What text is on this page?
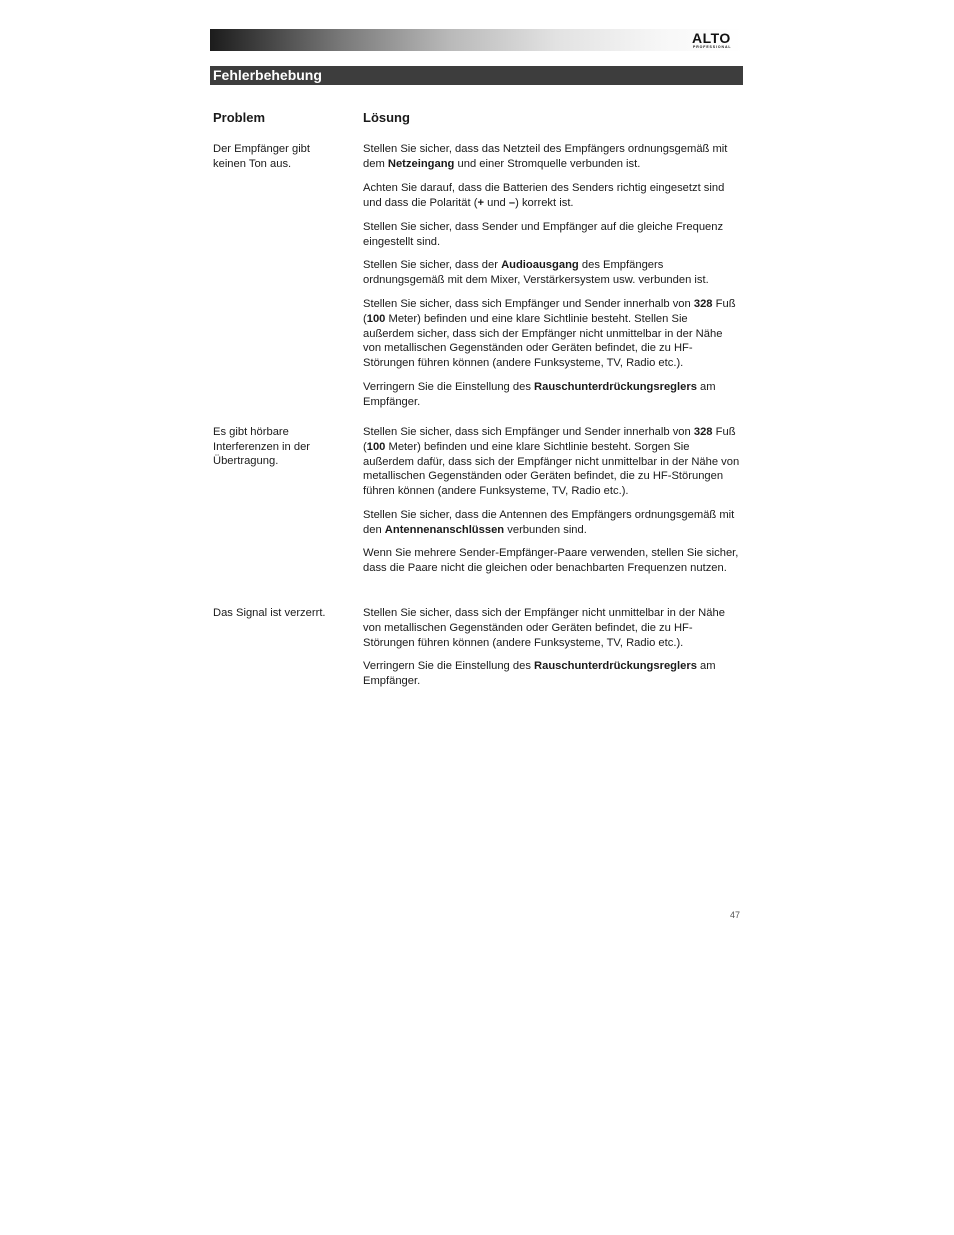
ALTO
PROFESSIONAL
Fehlerbehebung
Problem	Lösung
Der Empfänger gibt keinen Ton aus.

Stellen Sie sicher, dass das Netzteil des Empfängers ordnungsgemäß mit dem Netzeingang und einer Stromquelle verbunden ist.

Achten Sie darauf, dass die Batterien des Senders richtig eingesetzt sind und dass die Polarität (+ und –) korrekt ist.

Stellen Sie sicher, dass Sender und Empfänger auf die gleiche Frequenz eingestellt sind.

Stellen Sie sicher, dass der Audioausgang des Empfängers ordnungsgemäß mit dem Mixer, Verstärkersystem usw. verbunden ist.

Stellen Sie sicher, dass sich Empfänger und Sender innerhalb von 328 Fuß (100 Meter) befinden und eine klare Sichtlinie besteht. Stellen Sie außerdem sicher, dass sich der Empfänger nicht unmittelbar in der Nähe von metallischen Gegenständen oder Geräten befindet, die zu HF-Störungen führen können (andere Funksysteme, TV, Radio etc.).

Verringern Sie die Einstellung des Rauschunterdrückungsreglers am Empfänger.

Es gibt hörbare Interferenzen in der Übertragung.

Stellen Sie sicher, dass sich Empfänger und Sender innerhalb von 328 Fuß (100 Meter) befinden und eine klare Sichtlinie besteht. Sorgen Sie außerdem dafür, dass sich der Empfänger nicht unmittelbar in der Nähe von metallischen Gegenständen oder Geräten befindet, die zu HF-Störungen führen können (andere Funksysteme, TV, Radio etc.).

Stellen Sie sicher, dass die Antennen des Empfängers ordnungsgemäß mit den Antennenanschlüssen verbunden sind.

Wenn Sie mehrere Sender-Empfänger-Paare verwenden, stellen Sie sicher, dass die Paare nicht die gleichen oder benachbarten Frequenzen nutzen.

Das Signal ist verzerrt.	Stellen Sie sicher, dass sich der Empfänger nicht unmittelbar in der Nähe von metallischen Gegenständen oder Geräten befindet, die zu HF-Störungen führen können (andere Funksysteme, TV, Radio etc.).

Verringern Sie die Einstellung des Rauschunterdrückungsreglers am Empfänger.

47
